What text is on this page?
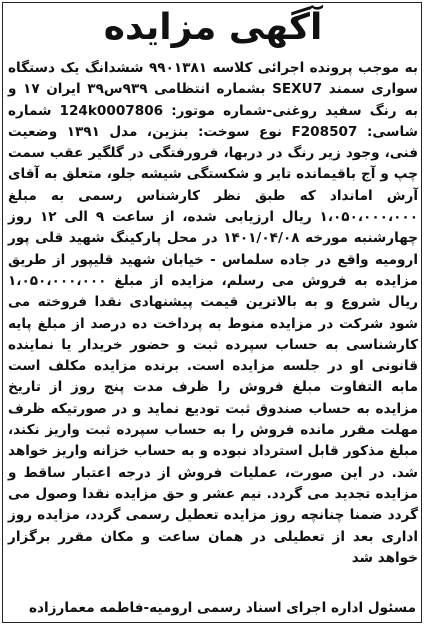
آگهی مزایده
به موجب پرونده اجرائی کلاسه ۹۹۰۱۳۸۱ ششدانگ یک دستگاه سواری سمند SEXU7 بشماره انتظامی ۹۳۹س۳۹ ایران ۱۷ و به رنگ سفید روغنی-شماره موتور: 124k0007806 شماره شاسی: F208507 نوع سوخت: بنزین، مدل ۱۳۹۱ وضعیت فنی، وجود زیر رنگ در دربها، فرورفتگی در گلگیر عقب سمت چپ و آج باقیمانده تایر و شکستگی شیشه جلو، متعلق به آقای آرش امانداد که طبق نظر کارشناس رسمی به مبلغ ۱،۰۵۰،۰۰۰،۰۰۰ ریال ارزیابی شده، از ساعت ۹ الی ۱۲ روز چهارشنبه مورخه ۱۴۰۱/۰۴/۰۸ در محل پارکینگ شهید قلی پور ارومیه واقع در جاده سلماس - خیابان شهید قلیپور از طریق مزایده به فروش می رسلم، مزایده از مبلغ ۱،۰۵۰،۰۰۰،۰۰۰ ریال شروع و به بالاترین قیمت پیشنهادی نقدا فروخته می شود شرکت در مزایده منوط به پرداخت ده درصد از مبلغ پایه کارشناسی به حساب سپرده ثبت و حضور خریدار یا نماینده قانونی او در جلسه مزایده است. برنده مزایده مکلف است مابه التفاوت مبلغ فروش را ظرف مدت پنج روز از تاریخ مزایده به حساب صندوق ثبت تودیع نماید و در صورتیکه ظرف مهلت مقرر مانده فروش را به حساب سپرده ثبت واریز نکند، مبلغ مذکور قابل استرداد نبوده و به حساب خزانه واریز خواهد شد. در این صورت، عملیات فروش از درجه اعتبار ساقط و مزایده تجدید می گردد. نیم عشر و حق مزایده نقدا وصول می گردد ضمنا چنانچه روز مزایده تعطیل رسمی گردد، مزایده روز اداری بعد از تعطیلی در همان ساعت و مکان مقرر برگزار خواهد شد
مسئول اداره اجرای اسناد رسمی ارومیه-فاطمه معمارزاده
